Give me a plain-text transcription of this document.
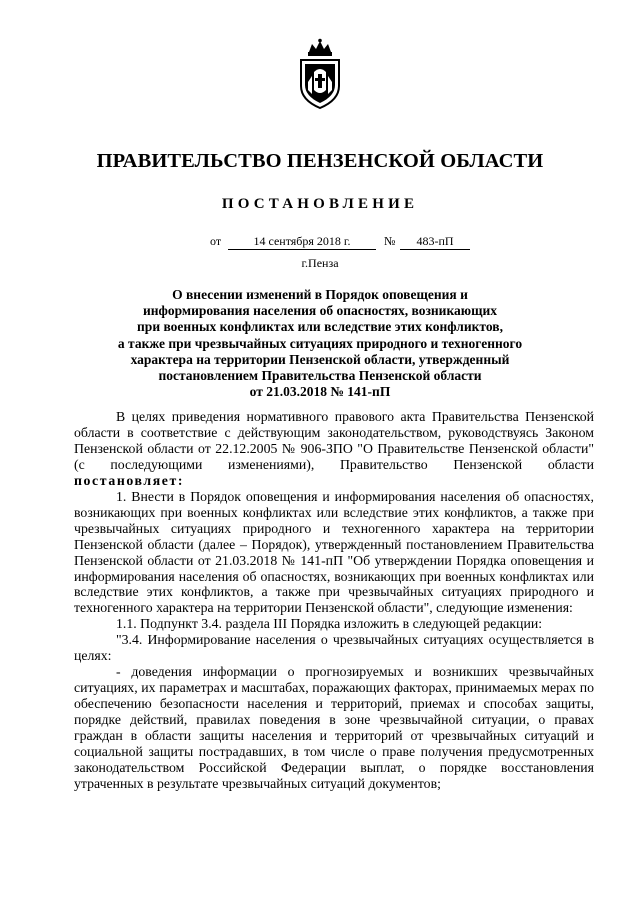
ПРАВИТЕЛЬСТВО ПЕНЗЕНСКОЙ ОБЛАСТИ
ПОСТАНОВЛЕНИЕ
от	14 сентября 2018 г.	№	483-пП
г.Пенза
О внесении изменений в Порядок оповещения и
информирования населения об опасностях, возникающих
при военных конфликтах или вследствие этих конфликтов,
а также при чрезвычайных ситуациях природного и техногенного
характера на территории Пензенской области, утвержденный
постановлением Правительства Пензенской области
от 21.03.2018 № 141-пП

В целях приведения нормативного правового акта Правительства Пензенской области в соответствие с действующим законодательством, руководствуясь Законом Пензенской области от 22.12.2005 № 906-ЗПО "О Правительстве Пензенской области" (с последующими изменениями), Правительство Пензенской области постановляет:

1. Внести в Порядок оповещения и информирования населения об опасностях, возникающих при военных конфликтах или вследствие этих конфликтов, а также при чрезвычайных ситуациях природного и техногенного характера на территории Пензенской области (далее – Порядок), утвержденный постановлением Правительства Пензенской области от 21.03.2018 № 141-пП "Об утверждении Порядка оповещения и информирования населения об опасностях, возникающих при военных конфликтах или вследствие этих конфликтов, а также при чрезвычайных ситуациях природного и техногенного характера на территории Пензенской области", следующие изменения:

1.1. Подпункт 3.4. раздела III Порядка изложить в следующей редакции:

"3.4. Информирование населения о чрезвычайных ситуациях осуществляется в целях:

- доведения информации о прогнозируемых и возникших чрезвычайных ситуациях, их параметрах и масштабах, поражающих факторах, принимаемых мерах по обеспечению безопасности населения и территорий, приемах и способах защиты, порядке действий, правилах поведения в зоне чрезвычайной ситуации, о правах граждан в области защиты населения и территорий от чрезвычайных ситуаций и социальной защиты пострадавших, в том числе о праве получения предусмотренных законодательством Российской Федерации выплат, о порядке восстановления утраченных в результате чрезвычайных ситуаций документов;
